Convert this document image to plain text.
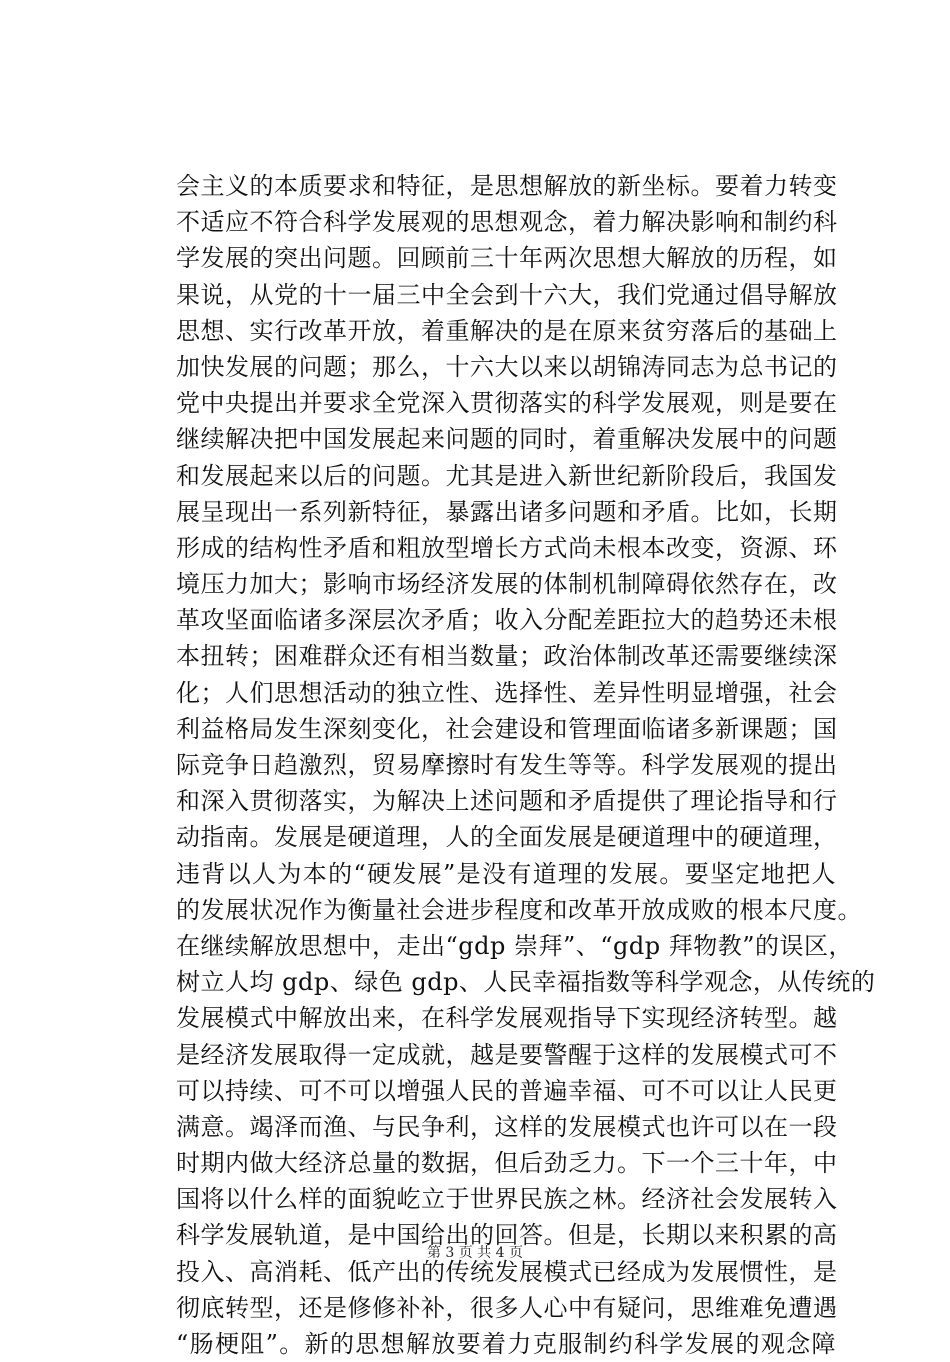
会主义的本质要求和特征，是思想解放的新坐标。要着力转变
不适应不符合科学发展观的思想观念，着力解决影响和制约科
学发展的突出问题。回顾前三十年两次思想大解放的历程，如
果说，从党的十一届三中全会到十六大，我们党通过倡导解放
思想、实行改革开放，着重解决的是在原来贫穷落后的基础上
加快发展的问题；那么，十六大以来以胡锦涛同志为总书记的
党中央提出并要求全党深入贯彻落实的科学发展观，则是要在
继续解决把中国发展起来问题的同时，着重解决发展中的问题
和发展起来以后的问题。尤其是进入新世纪新阶段后，我国发
展呈现出一系列新特征，暴露出诸多问题和矛盾。比如，长期
形成的结构性矛盾和粗放型增长方式尚未根本改变，资源、环
境压力加大；影响市场经济发展的体制机制障碍依然存在，改
革攻坚面临诸多深层次矛盾；收入分配差距拉大的趋势还未根
本扭转；困难群众还有相当数量；政治体制改革还需要继续深
化；人们思想活动的独立性、选择性、差异性明显增强，社会
利益格局发生深刻变化，社会建设和管理面临诸多新课题；国
际竞争日趋激烈，贸易摩擦时有发生等等。科学发展观的提出
和深入贯彻落实，为解决上述问题和矛盾提供了理论指导和行
动指南。发展是硬道理，人的全面发展是硬道理中的硬道理，
违背以人为本的“硬发展”是没有道理的发展。要坚定地把人
的发展状况作为衡量社会进步程度和改革开放成败的根本尺度。
在继续解放思想中，走出“gdp 崇拜”、“gdp 拜物教”的误区，
树立人均 gdp、绿色 gdp、人民幸福指数等科学观念，从传统的
发展模式中解放出来，在科学发展观指导下实现经济转型。越
是经济发展取得一定成就，越是要警醒于这样的发展模式可不
可以持续、可不可以增强人民的普遍幸福、可不可以让人民更
满意。竭泽而渔、与民争利，这样的发展模式也许可以在一段
时期内做大经济总量的数据，但后劲乏力。下一个三十年，中
国将以什么样的面貌屹立于世界民族之林。经济社会发展转入
科学发展轨道，是中国给出的回答。但是，长期以来积累的高
投入、高消耗、低产出的传统发展模式已经成为发展惯性，是
彻底转型，还是修修补补，很多人心中有疑问，思维难免遭遇
“肠梗阻”。新的思想解放要着力克服制约科学发展的观念障
第 3 页 共 4 页
